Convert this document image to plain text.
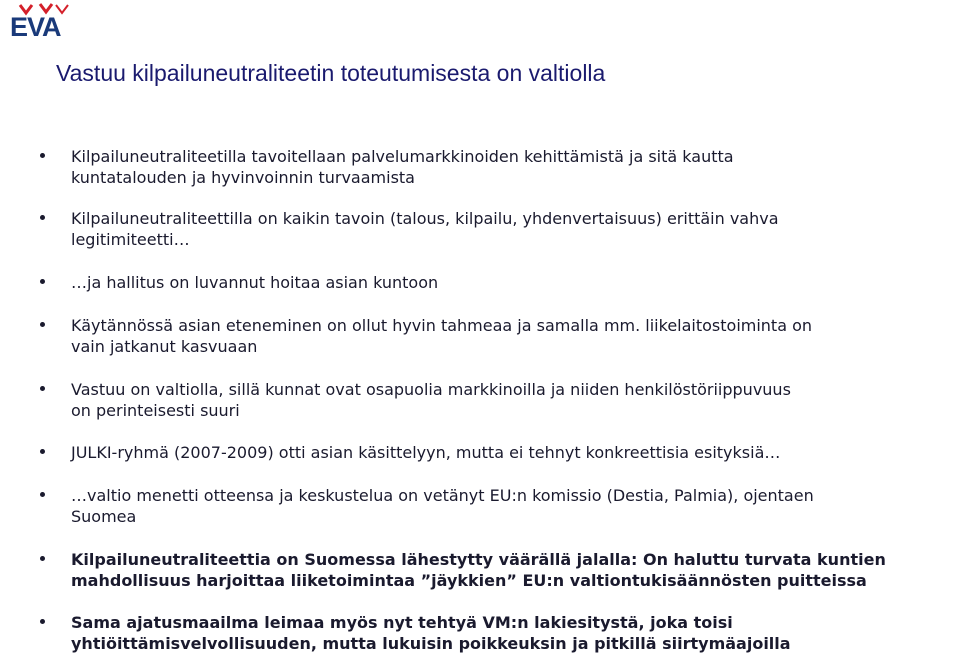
EVA
Vastuu kilpailuneutraliteetin toteutumisesta on valtiolla
Kilpailuneutraliteetilla tavoitellaan palvelumarkkinoiden kehittämistä ja sitä kautta
kuntatalouden ja hyvinvoinnin turvaamista
Kilpailuneutraliteettilla on kaikin tavoin (talous, kilpailu, yhdenvertaisuus) erittäin vahva
legitimiteetti…
…ja hallitus on luvannut hoitaa asian kuntoon
Käytännössä asian eteneminen on ollut hyvin tahmeaa ja samalla mm. liikelaitostoiminta on
vain jatkanut kasvuaan
Vastuu on valtiolla, sillä kunnat ovat osapuolia markkinoilla ja niiden henkilöstöriippuvuus
on perinteisesti suuri
JULKI-ryhmä (2007-2009) otti asian käsittelyyn, mutta ei tehnyt konkreettisia esityksiä…
…valtio menetti otteensa ja keskustelua on vetänyt EU:n komissio (Destia, Palmia), ojentaen
Suomea
Kilpailuneutraliteettia on Suomessa lähestytty väärällä jalalla: On haluttu turvata kuntien
mahdollisuus harjoittaa liiketoimintaa ”jäykkien” EU:n valtiontukisäännösten puitteissa
Sama ajatusmaailma leimaa myös nyt tehtyä VM:n lakiesitystä, joka toisi
yhtiöittämisvelvollisuuden, mutta lukuisin poikkeuksin ja pitkillä siirtymäajoilla
